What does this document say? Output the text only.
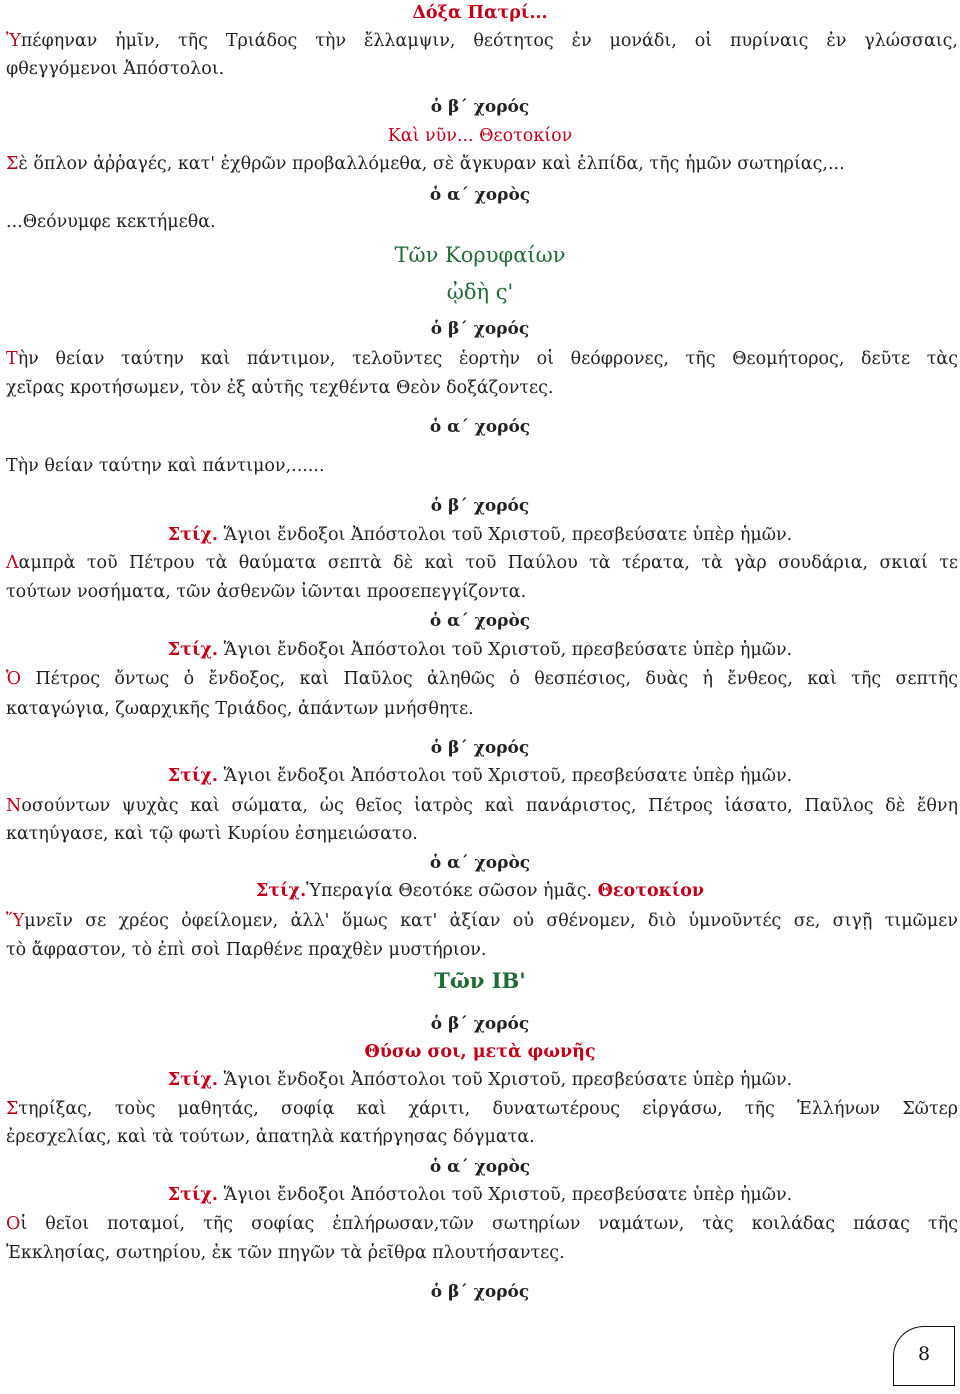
Δόξα Πατρί...
Ὑπέφηναν ἡμῖν, τῆς Τριάδος τὴν ἔλλαμψιν, θεότητος ἐν μονάδι, οἱ πυρίναις ἐν γλώσσαις,
φθεγγόμενοι Ἀπόστολοι.
ὁ β΄ χορός
Καὶ νῦν... Θεοτοκίον
Σὲ ὅπλον ἀῤῥαγές, κατ' ἐχθρῶν προβαλλόμεθα, σὲ ἄγκυραν καὶ ἐλπίδα, τῆς ἡμῶν σωτηρίας,...
ὁ α΄ χορὸς
...Θεόνυμφε κεκτήμεθα.
Τῶν Κορυφαίων
ᾠδὴ ς'
ὁ β΄ χορός
Τὴν θείαν ταύτην καὶ πάντιμον, τελοῦντες ἑορτὴν οἱ θεόφρονες, τῆς Θεομήτορος, δεῦτε τὰς
χεῖρας κροτήσωμεν, τὸν ἐξ αὐτῆς τεχθέντα Θεὸν δοξάζοντες.
ὁ α΄ χορός
Τὴν θείαν ταύτην καὶ πάντιμον,......
ὁ β΄ χορός
Στίχ. Ἅγιοι ἔνδοξοι Ἀπόστολοι τοῦ Χριστοῦ, πρεσβεύσατε ὑπὲρ ἡμῶν.
Λαμπρὰ τοῦ Πέτρου τὰ θαύματα σεπτὰ δὲ καὶ τοῦ Παύλου τὰ τέρατα, τὰ γὰρ σουδάρια, σκιαί τε
τούτων νοσήματα, τῶν ἀσθενῶν ἰῶνται προσεπεγγίζοντα.
ὁ α΄ χορὸς
Στίχ. Ἅγιοι ἔνδοξοι Ἀπόστολοι τοῦ Χριστοῦ, πρεσβεύσατε ὑπὲρ ἡμῶν.
Ὁ Πέτρος ὄντως ὁ ἔνδοξος, καὶ Παῦλος ἀληθῶς ὁ θεσπέσιος, δυὰς ἡ ἔνθεος, καὶ τῆς σεπτῆς
καταγώγια, ζωαρχικῆς Τριάδος, ἁπάντων μνήσθητε.
ὁ β΄ χορός
Στίχ. Ἅγιοι ἔνδοξοι Ἀπόστολοι τοῦ Χριστοῦ, πρεσβεύσατε ὑπὲρ ἡμῶν.
Νοσούντων ψυχὰς καὶ σώματα, ὡς θεῖος ἰατρὸς καὶ πανάριστος, Πέτρος ἰάσατο, Παῦλος δὲ ἔθνη
κατηύγασε, καὶ τῷ φωτὶ Κυρίου ἐσημειώσατο.
ὁ α΄ χορὸς
Στίχ.Ὑπεραγία Θεοτόκε σῶσον ἡμᾶς. Θεοτοκίον
Ὕμνεῖν σε χρέος ὀφείλομεν, ἀλλ' ὅμως κατ' ἀξίαν οὐ σθένομεν, διὸ ὑμνοῦντές σε, σιγῇ τιμῶμεν
τὸ ἄφραστον, τὸ ἐπὶ σοὶ Παρθένε πραχθὲν μυστήριον.
Τῶν ΙΒ'
ὁ β΄ χορός
Θύσω σοι, μετὰ φωνῆς
Στίχ. Ἅγιοι ἔνδοξοι Ἀπόστολοι τοῦ Χριστοῦ, πρεσβεύσατε ὑπὲρ ἡμῶν.
Στηρίξας, τοὺς μαθητάς, σοφίᾳ καὶ χάριτι, δυνατωτέρους εἰργάσω, τῆς Ἑλλήνων Σῶτερ
ἐρεσχελίας, καὶ τὰ τούτων, ἀπατηλὰ κατήργησας δόγματα.
ὁ α΄ χορὸς
Στίχ. Ἅγιοι ἔνδοξοι Ἀπόστολοι τοῦ Χριστοῦ, πρεσβεύσατε ὑπὲρ ἡμῶν.
Οἱ θεῖοι ποταμοί, τῆς σοφίας ἐπλήρωσαν,τῶν σωτηρίων ναμάτων, τὰς κοιλάδας πάσας τῆς
Ἐκκλησίας, σωτηρίου, ἐκ τῶν πηγῶν τὰ ῥεῖθρα πλουτήσαντες.
ὁ β΄ χορός
8
